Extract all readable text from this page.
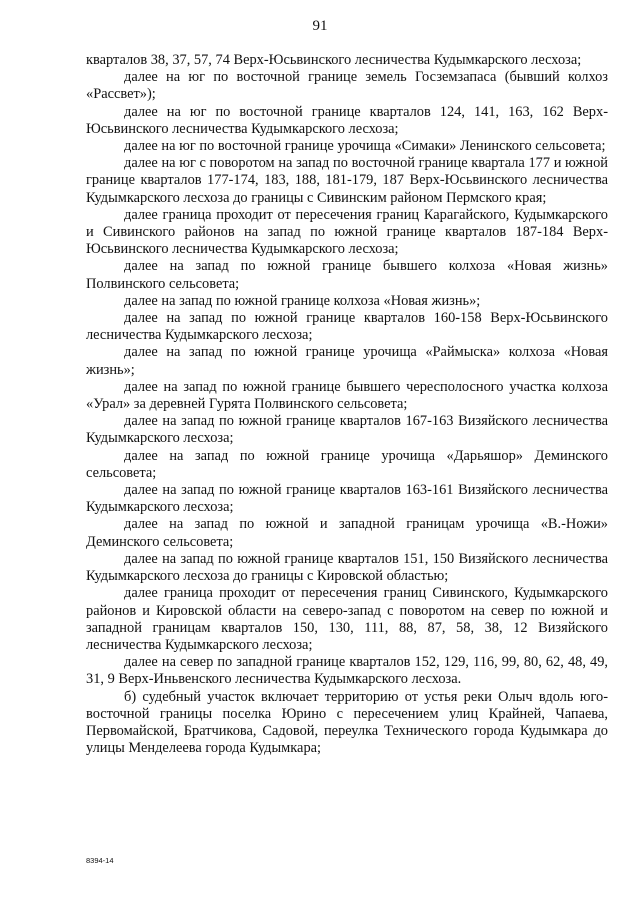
91

кварталов 38, 37, 57, 74 Верх-Юсьвинского лесничества Кудымкарского лесхоза;

далее на юг по восточной границе земель Госземзапаса (бывший колхоз «Рассвет»);

далее на юг по восточной границе кварталов 124, 141, 163, 162 Верх-Юсьвинского лесничества Кудымкарского лесхоза;

далее на юг по восточной границе урочища «Симаки» Ленинского сельсовета;

далее на юг с поворотом на запад по восточной границе квартала 177 и южной границе кварталов 177-174, 183, 188, 181-179, 187 Верх-Юсьвинского лесничества Кудымкарского лесхоза до границы с Сивинским районом Пермского края;

далее граница проходит от пересечения границ Карагайского, Кудымкарского и Сивинского районов на запад по южной границе кварталов 187-184 Верх-Юсьвинского лесничества Кудымкарского лесхоза;

далее на запад по южной границе бывшего колхоза «Новая жизнь» Полвинского сельсовета;

далее на запад по южной границе колхоза «Новая жизнь»;

далее на запад по южной границе кварталов 160-158 Верх-Юсьвинского лесничества Кудымкарского лесхоза;

далее на запад по южной границе урочища «Раймыска» колхоза «Новая жизнь»;

далее на запад по южной границе бывшего чересполосного участка колхоза «Урал» за деревней Гурята Полвинского сельсовета;

далее на запад по южной границе кварталов 167-163 Визяйского лесничества Кудымкарского лесхоза;

далее на запад по южной границе урочища «Дарьяшор» Деминского сельсовета;

далее на запад по южной границе кварталов 163-161 Визяйского лесничества Кудымкарского лесхоза;

далее на запад по южной и западной границам урочища «В.-Ножи» Деминского сельсовета;

далее на запад по южной границе кварталов 151, 150 Визяйского лесничества Кудымкарского лесхоза до границы с Кировской областью;

далее граница проходит от пересечения границ Сивинского, Кудымкарского районов и Кировской области на северо-запад с поворотом на север по южной и западной границам кварталов 150, 130, 111, 88, 87, 58, 38, 12 Визяйского лесничества Кудымкарского лесхоза;

далее на север по западной границе кварталов 152, 129, 116, 99, 80, 62, 48, 49, 31, 9 Верх-Иньвенского лесничества Кудымкарского лесхоза.

б) судебный участок включает территорию от устья реки Олыч вдоль юго-восточной границы поселка Юрино с пересечением улиц Крайней, Чапаева, Первомайской, Братчикова, Садовой, переулка Технического города Кудымкара до улицы Менделеева города Кудымкара;

8394-14
